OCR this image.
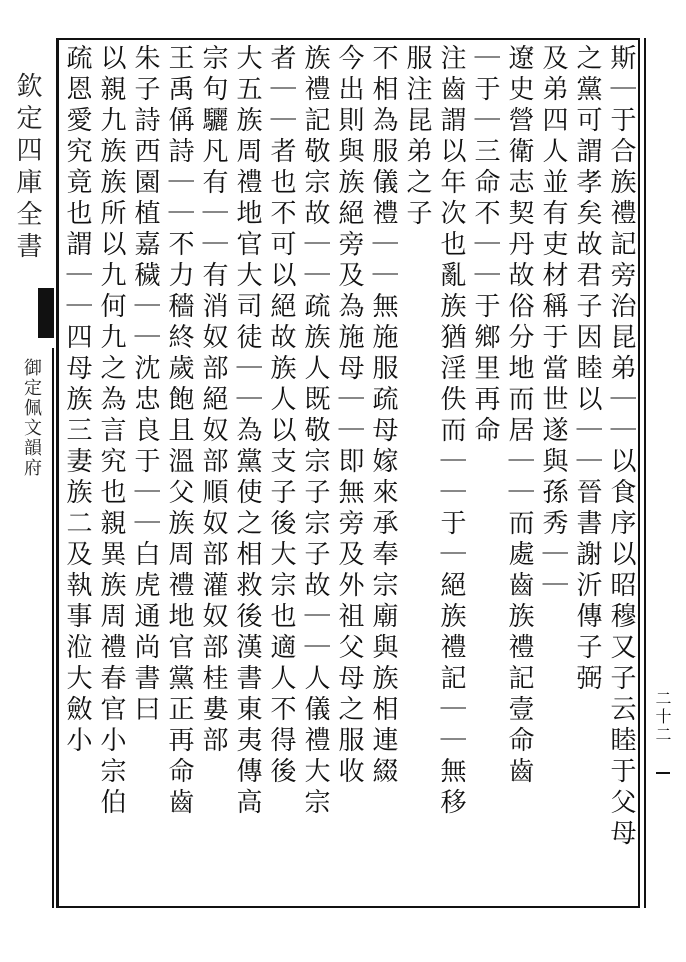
欽定四庫全書
御定佩文韻府
二十二
斯｜于合族禮記旁治昆弟｜｜以食序以昭穆又子云睦于父母
之黨可謂孝矣故君子因睦以｜｜晉書謝沂傳子弼
及弟四人並有吏材稱于當世遂與孫秀｜｜
遼史營衛志契丹故俗分地而居｜｜而處齒族禮記壹命齒
｜于｜三命不｜｜于鄉里再命
注齒謂以年次也亂族猶淫佚而｜｜于｜絕族禮記｜｜無移
服注昆弟之子
不相為服儀禮｜｜無施服疏母嫁來承奉宗廟與族相連綴
今出則與族絕旁及為施母｜｜即無旁及外祖父母之服收
族禮記敬宗故｜｜疏族人既敬宗子宗子故｜｜人儀禮大宗
者｜｜者也不可以絕故族人以支子後大宗也適人不得後
大五族周禮地官大司徒｜｜為黨使之相救後漢書東夷傳高
宗句驪凡有｜｜有消奴部絕奴部順奴部灌奴部桂婁部
王禹偁詩｜｜不力穡終歲飽且溫父族周禮地官黨正再命齒
朱子詩西園植嘉穢｜｜沈忠良于｜｜白虎通尚書曰
以親九族族所以九何九之為言究也親異族周禮春官小宗伯
疏恩愛究竟也謂｜｜四母族三妻族二及執事涖大斂小
